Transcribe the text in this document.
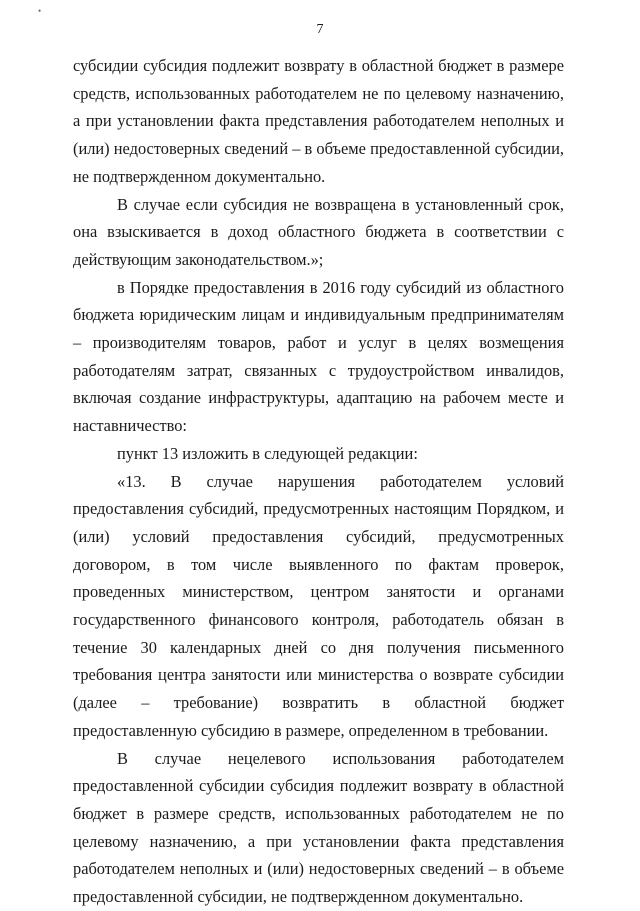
•
7

субсидии субсидия подлежит возврату в областной бюджет в размере средств, использованных работодателем не по целевому назначению, а при установлении факта представления работодателем неполных и (или) недостоверных сведений – в объеме предоставленной субсидии, не подтвержденном документально.

В случае если субсидия не возвращена в установленный срок, она взыскивается в доход областного бюджета в соответствии с действующим законодательством.»;

в Порядке предоставления в 2016 году субсидий из областного бюджета юридическим лицам и индивидуальным предпринимателям – производителям товаров, работ и услуг в целях возмещения работодателям затрат, связанных с трудоустройством инвалидов, включая создание инфраструктуры, адаптацию на рабочем месте и наставничество:

пункт 13 изложить в следующей редакции:

«13. В случае нарушения работодателем условий предоставления субсидий, предусмотренных настоящим Порядком, и (или) условий предоставления субсидий, предусмотренных договором, в том числе выявленного по фактам проверок, проведенных министерством, центром занятости и органами государственного финансового контроля, работодатель обязан в течение 30 календарных дней со дня получения письменного требования центра занятости или министерства о возврате субсидии (далее – требование) возвратить в областной бюджет предоставленную субсидию в размере, определенном в требовании.

В случае нецелевого использования работодателем предоставленной субсидии субсидия подлежит возврату в областной бюджет в размере средств, использованных работодателем не по целевому назначению, а при установлении факта представления работодателем неполных и (или) недостоверных сведений – в объеме предоставленной субсидии, не подтвержденном документально.
